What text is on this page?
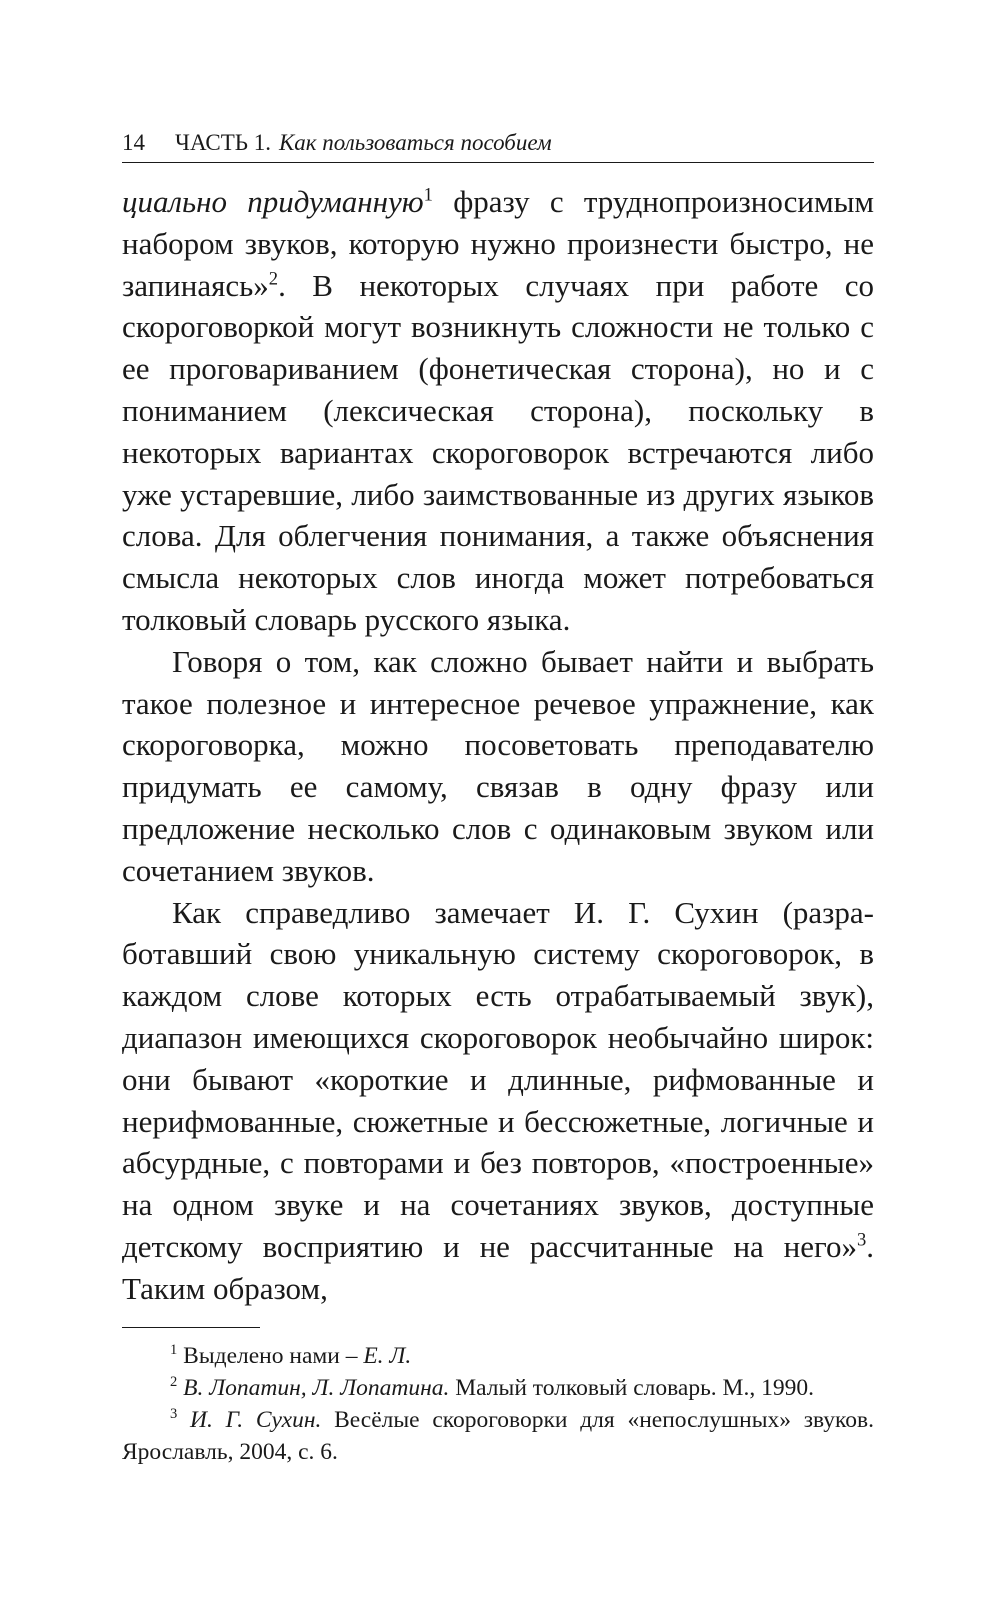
14 ЧАСТЬ 1. Как пользоваться пособием

циально придуманную$^1$ фразу с труднопроизносимым набором звуков, которую нужно произнести быстро, не запинаясь»$^2$. В некоторых случаях при работе со скороговоркой могут возникнуть сложности не только с ее проговариванием (фонетическая сторона), но и с пониманием (лексическая сторона), поскольку в некоторых вариантах скороговорок встречаются либо уже устаревшие, либо заимствованные из других языков слова. Для облегчения понимания, а также объяснения смысла некоторых слов иногда может потребоваться толковый словарь русского языка.

Говоря о том, как сложно бывает найти и выбрать такое полезное и интересное речевое упражнение, как скороговорка, можно посоветовать преподавателю придумать ее самому, связав в одну фразу или предложение несколько слов с одинаковым звуком или сочетанием звуков.

Как справедливо замечает И. Г. Сухин (разработавший свою уникальную систему скороговорок, в каждом слове которых есть отрабатываемый звук), диапазон имеющихся скороговорок необычайно широк: они бывают «короткие и длинные, рифмованные и нерифмованные, сюжетные и бессюжетные, логичные и абсурдные, с повторами и без повторов, «построенные» на одном звуке и на сочетаниях звуков, доступные детскому восприятию и не рассчитанные на него»$^3$. Таким образом,

$^1$ Выделено нами – Е. Л.

$^2$ В. Лопатин, Л. Лопатина. Малый толковый словарь. М., 1990.

$^3$ И. Г. Сухин. Весёлые скороговорки для «непослушных» звуков. Ярославль, 2004, с. 6.
